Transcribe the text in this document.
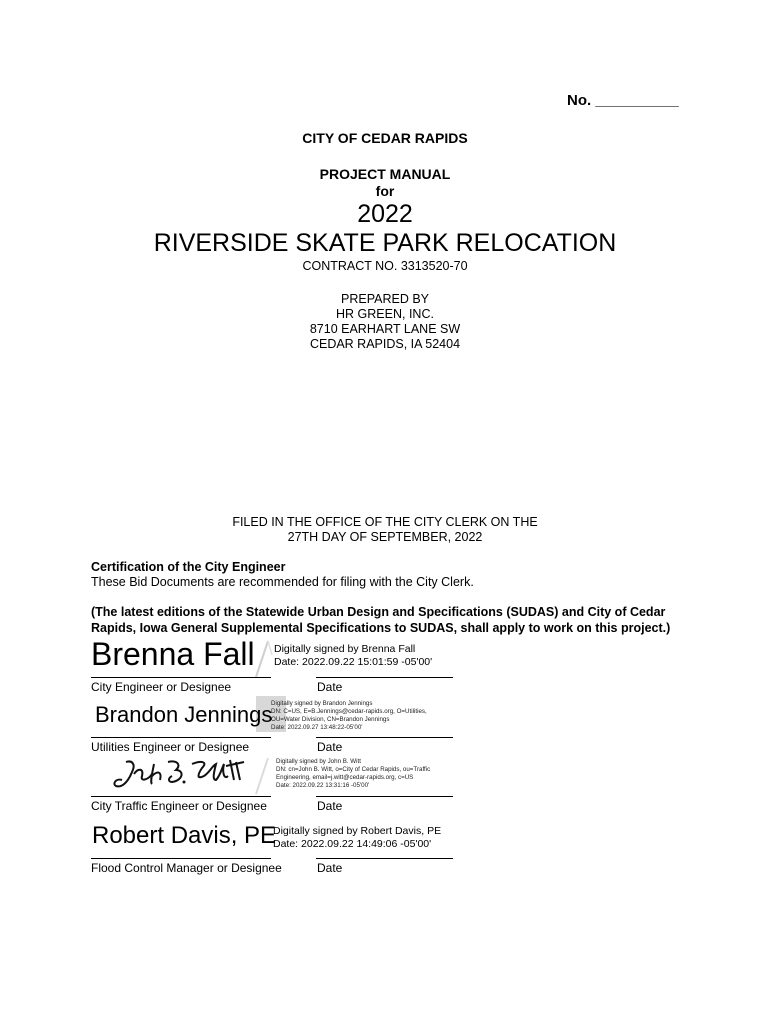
No. __________
CITY OF CEDAR RAPIDS
PROJECT MANUAL
for
2022
RIVERSIDE SKATE PARK RELOCATION
CONTRACT NO. 3313520-70
PREPARED BY
HR GREEN, INC.
8710 EARHART LANE SW
CEDAR RAPIDS, IA 52404
FILED IN THE OFFICE OF THE CITY CLERK ON THE
27TH DAY OF SEPTEMBER, 2022
Certification of the City Engineer
These Bid Documents are recommended for filing with the City Clerk.
(The latest editions of the Statewide Urban Design and Specifications (SUDAS) and City of Cedar
Rapids, Iowa General Supplemental Specifications to SUDAS, shall apply to work on this project.)
Brenna Fall Digitally signed by Brenna Fall
Date: 2022.09.22 15:01:59 -05'00'
City Engineer or Designee	Date
Brandon Jennings
Digitally signed by Brandon Jennings
DN: C=US, E=B.Jennings@cedar-rapids.org, O=Utilities,
OU=Water Division, CN=Brandon Jennings
Date: 2022.09.27 13:48:22-05'00'
Utilities Engineer or Designee	Date
Digitally signed by John B. Witt
DN: cn=John B. Witt, o=City of Cedar Rapids, ou=Traffic
Engineering, email=j.witt@cedar-rapids.org, c=US
Date: 2022.09.22 13:31:16 -05'00'
City Traffic Engineer or Designee	Date
Robert Davis, PE
Digitally signed by Robert Davis, PE
Date: 2022.09.22 14:49:06 -05'00'
Flood Control Manager or Designee	Date
